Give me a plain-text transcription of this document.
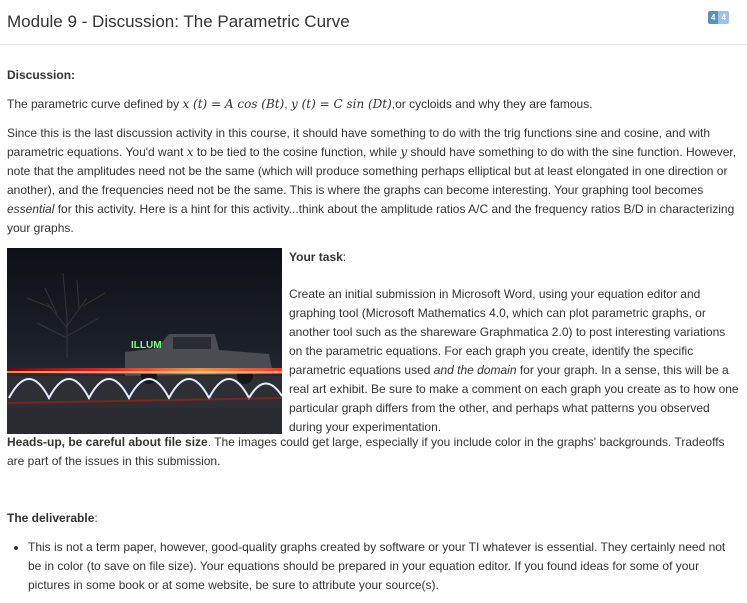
Module 9 - Discussion: The Parametric Curve	4 4

Discussion:

The parametric curve defined by x (t) = A cos (Bt), y (t) = C sin (Dt),or cycloids and why they are famous.

Since this is the last discussion activity in this course, it should have something to do with the trig functions sine and cosine, and with parametric equations. You'd want x to be tied to the cosine function, while y should have something to do with the sine function. However, note that the amplitudes need not be the same (which will produce something perhaps elliptical but at least elongated in one direction or another), and the frequencies need not be the same. This is where the graphs can become interesting. Your graphing tool becomes essential for this activity. Here is a hint for this activity...think about the amplitude ratios A/C and the frequency ratios B/D in characterizing your graphs.

ILLUM

Your task:

Create an initial submission in Microsoft Word, using your equation editor and graphing tool (Microsoft Mathematics 4.0, which can plot parametric graphs, or another tool such as the shareware Graphmatica 2.0) to post interesting variations on the parametric equations. For each graph you create, identify the specific parametric equations used and the domain for your graph. In a sense, this will be a real art exhibit. Be sure to make a comment on each graph you create as to how one particular graph differs from the other, and perhaps what patterns you observed during your experimentation.

Heads-up, be careful about file size. The images could get large, especially if you include color in the graphs' backgrounds. Tradeoffs are part of the issues in this submission.

The deliverable:

• This is not a term paper, however, good-quality graphs created by software or your TI whatever is essential. They certainly need not be in color (to save on file size). Your equations should be prepared in your equation editor. If you found ideas for some of your pictures in some book or at some website, be sure to attribute your source(s).
